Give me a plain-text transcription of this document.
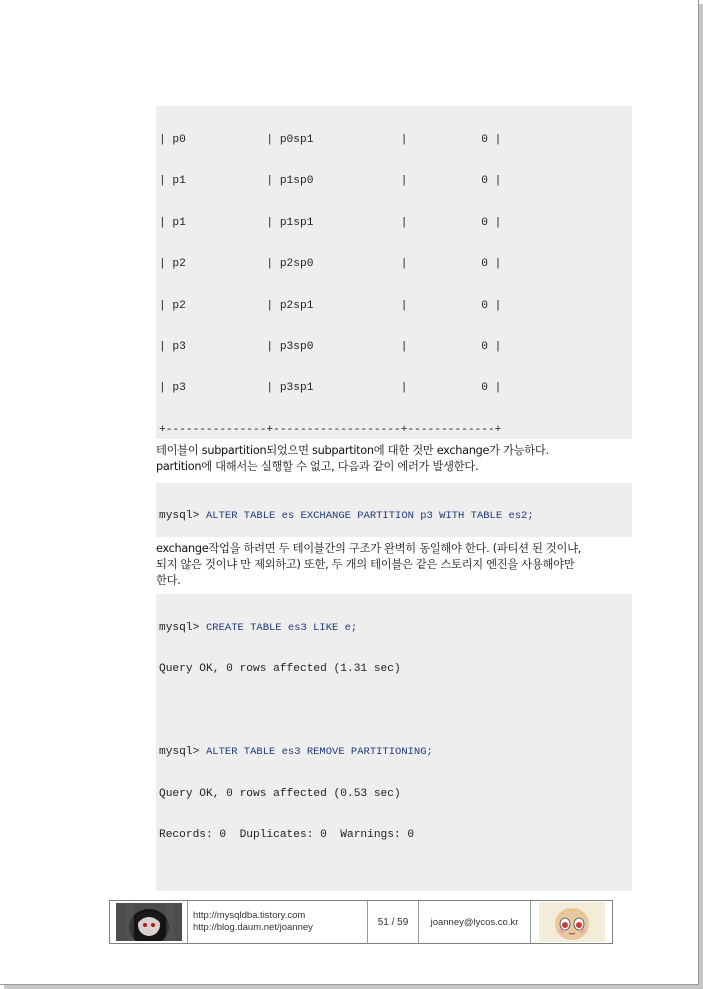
| p0            | p0sp1             |           0 |

| p1            | p1sp0             |           0 |

| p1            | p1sp1             |           0 |

| p2            | p2sp0             |           0 |

| p2            | p2sp1             |           0 |

| p3            | p3sp0             |           0 |

| p3            | p3sp1             |           0 |

+---------------+-------------------+-------------+

테이블이 subpartition되었으면 subpartiton에 대한 것만 exchange가 가능하다.
partition에 대해서는 실행할 수 없고, 다음과 같이 에러가 발생한다.

mysql> ALTER TABLE es EXCHANGE PARTITION p3 WITH TABLE es2;

exchange작업을 하려면 두 테이블간의 구조가 완벽히 동일해야 한다. (파티션 된 것이냐,
되지 않은 것이냐 만 제외하고) 또한, 두 개의 테이블은 같은 스토리지 엔진을 사용해야만
한다.

mysql> CREATE TABLE es3 LIKE e;

Query OK, 0 rows affected (1.31 sec)

mysql> ALTER TABLE es3 REMOVE PARTITIONING;

Query OK, 0 rows affected (0.53 sec)

Records: 0  Duplicates: 0  Warnings: 0

http://mysqldba.tistory.com
http://blog.daum.net/joanney	51 / 59	joanney@lycos.co.kr
